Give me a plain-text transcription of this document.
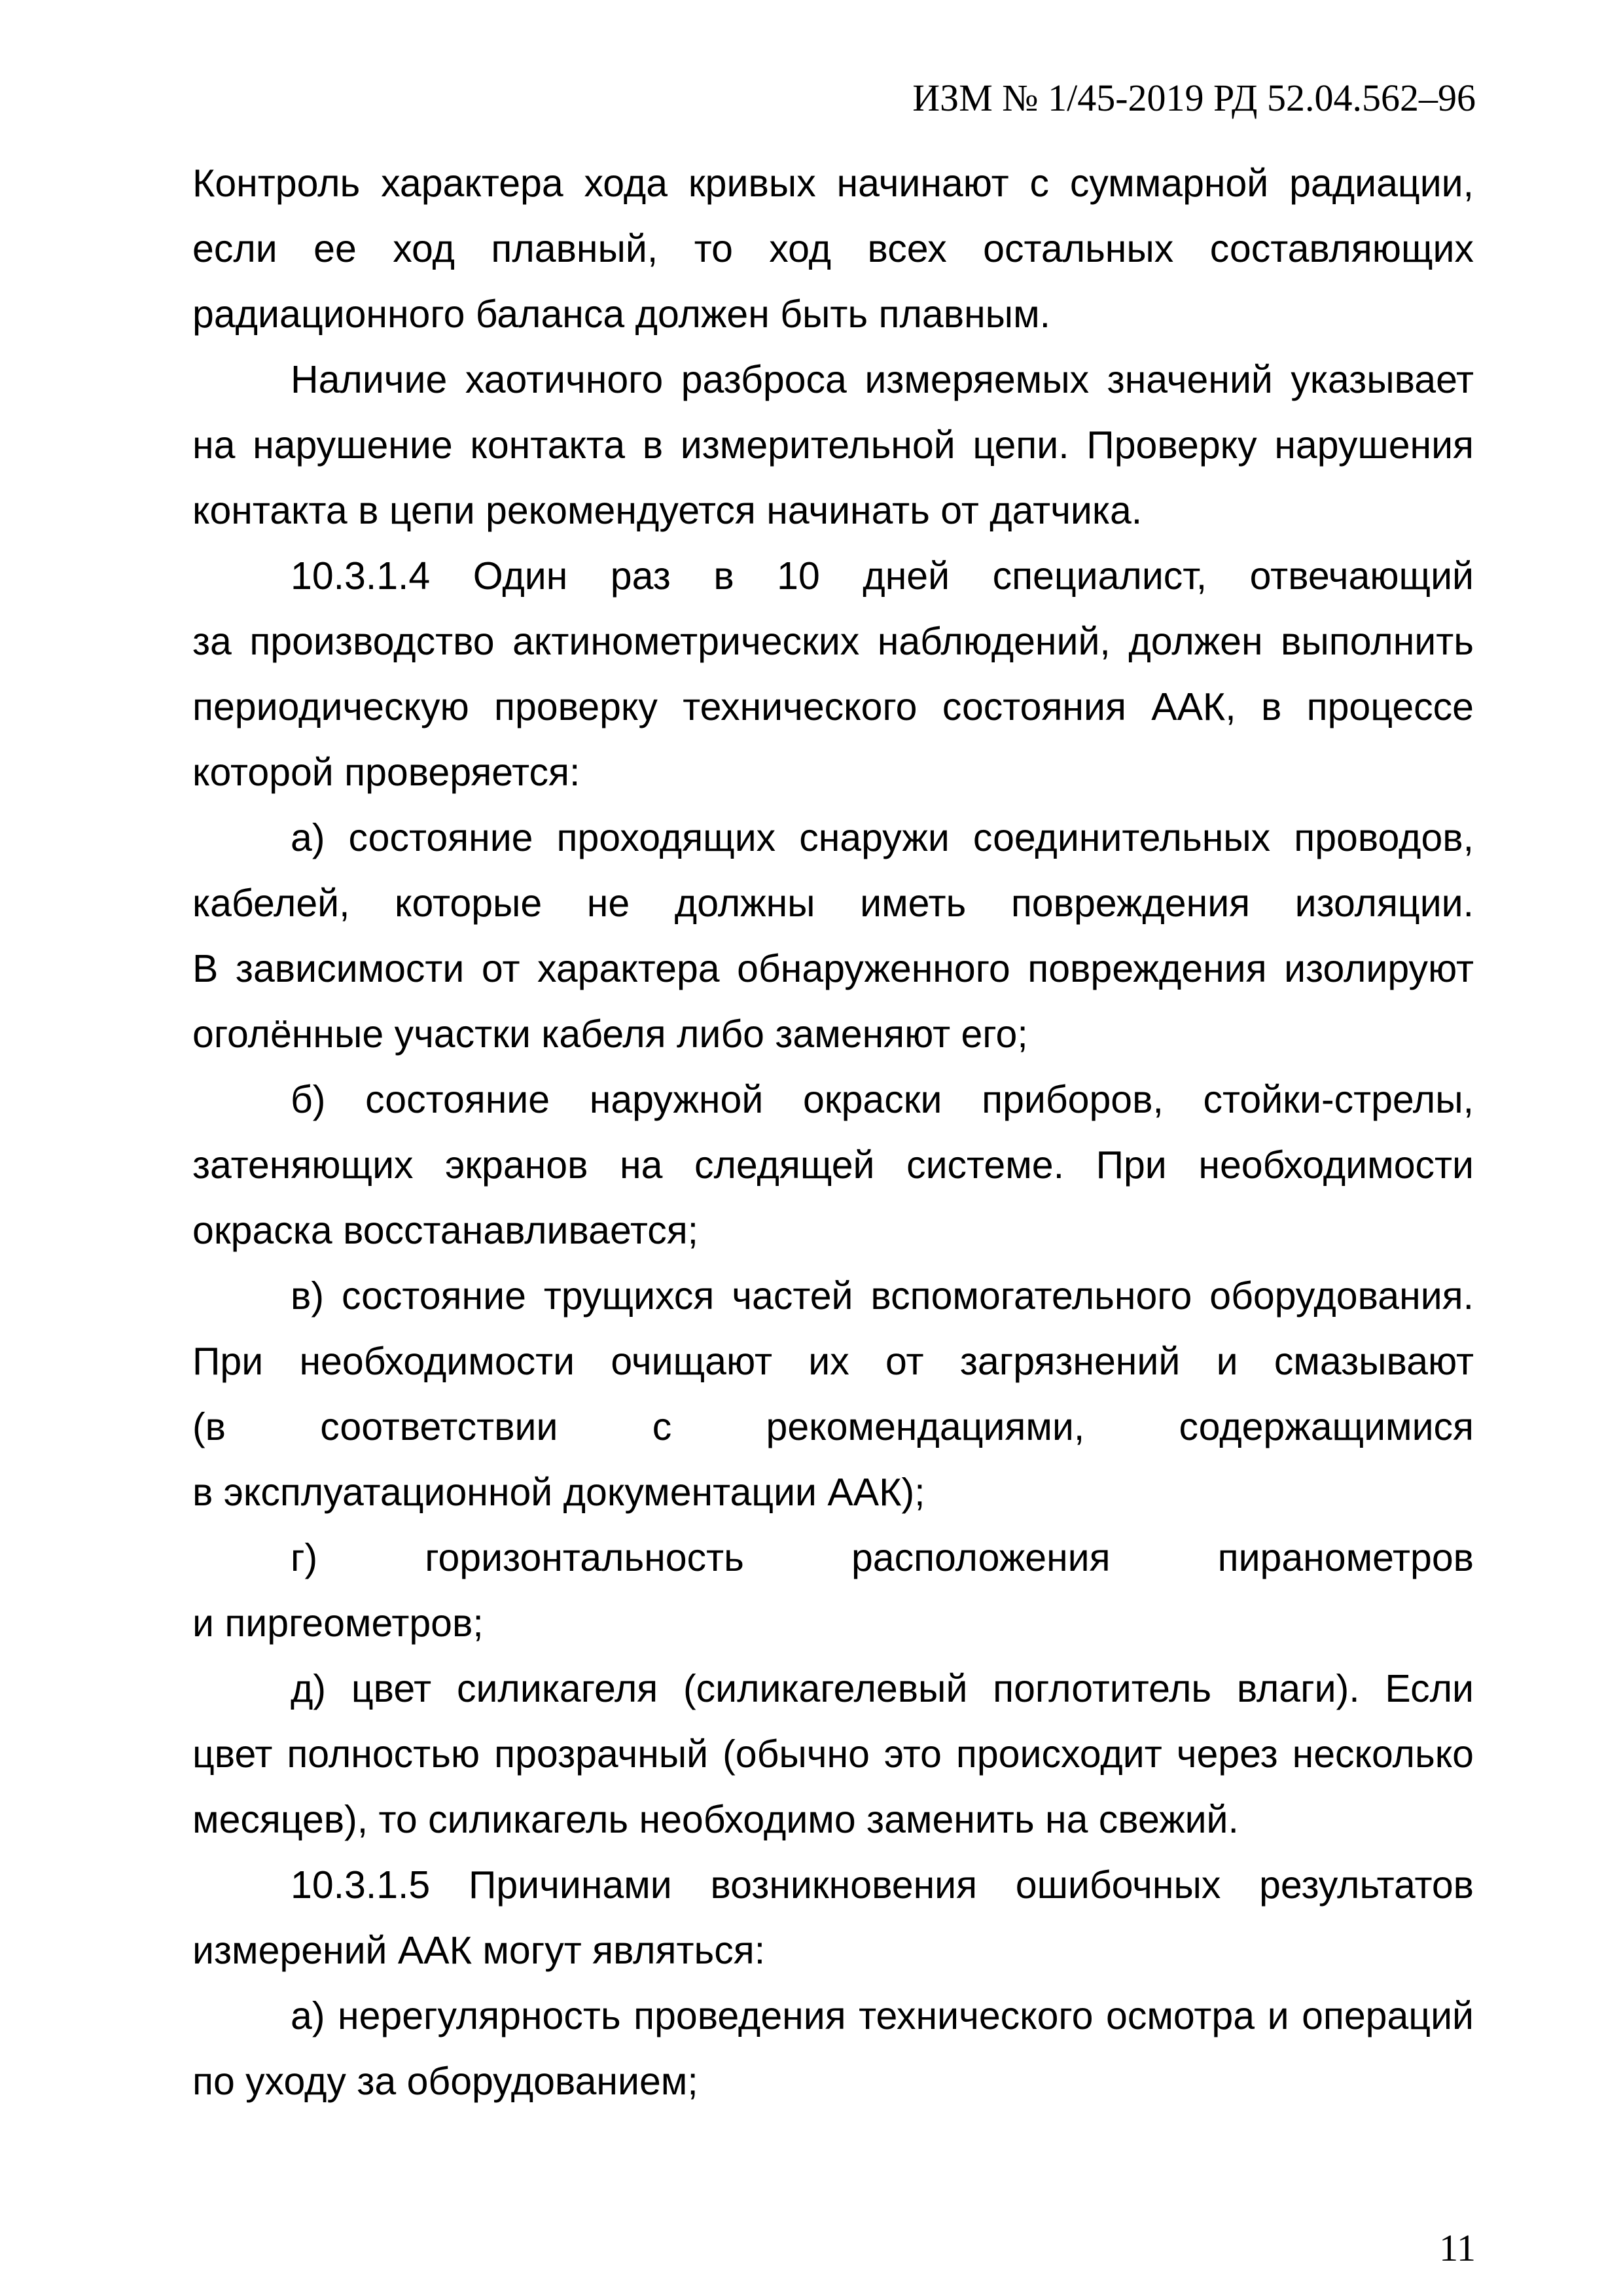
ИЗМ № 1/45-2019 РД 52.04.562–96
Контроль характера хода кривых начинают с суммарной радиации,
если ее ход плавный, то ход всех остальных составляющих
радиационного баланса должен быть плавным.
Наличие хаотичного разброса измеряемых значений указывает
на нарушение контакта в измерительной цепи. Проверку нарушения
контакта в цепи рекомендуется начинать от датчика.
10.3.1.4 Один раз в 10 дней специалист, отвечающий
за производство актинометрических наблюдений, должен выполнить
периодическую проверку технического состояния ААК, в процессе
которой проверяется:
а) состояние проходящих снаружи соединительных проводов,
кабелей, которые не должны иметь повреждения изоляции.
В зависимости от характера обнаруженного повреждения изолируют
оголённые участки кабеля либо заменяют его;
б) состояние наружной окраски приборов, стойки-стрелы,
затеняющих экранов на следящей системе. При необходимости
окраска восстанавливается;
в) состояние трущихся частей вспомогательного оборудования.
При необходимости очищают их от загрязнений и смазывают
(в соответствии с рекомендациями, содержащимися
в эксплуатационной документации ААК);
г) горизонтальность расположения пиранометров
и пиргеометров;
д) цвет силикагеля (силикагелевый поглотитель влаги). Если
цвет полностью прозрачный (обычно это происходит через несколько
месяцев), то силикагель необходимо заменить на свежий.
10.3.1.5 Причинами возникновения ошибочных результатов
измерений ААК могут являться:
а) нерегулярность проведения технического осмотра и операций
по уходу за оборудованием;
11
